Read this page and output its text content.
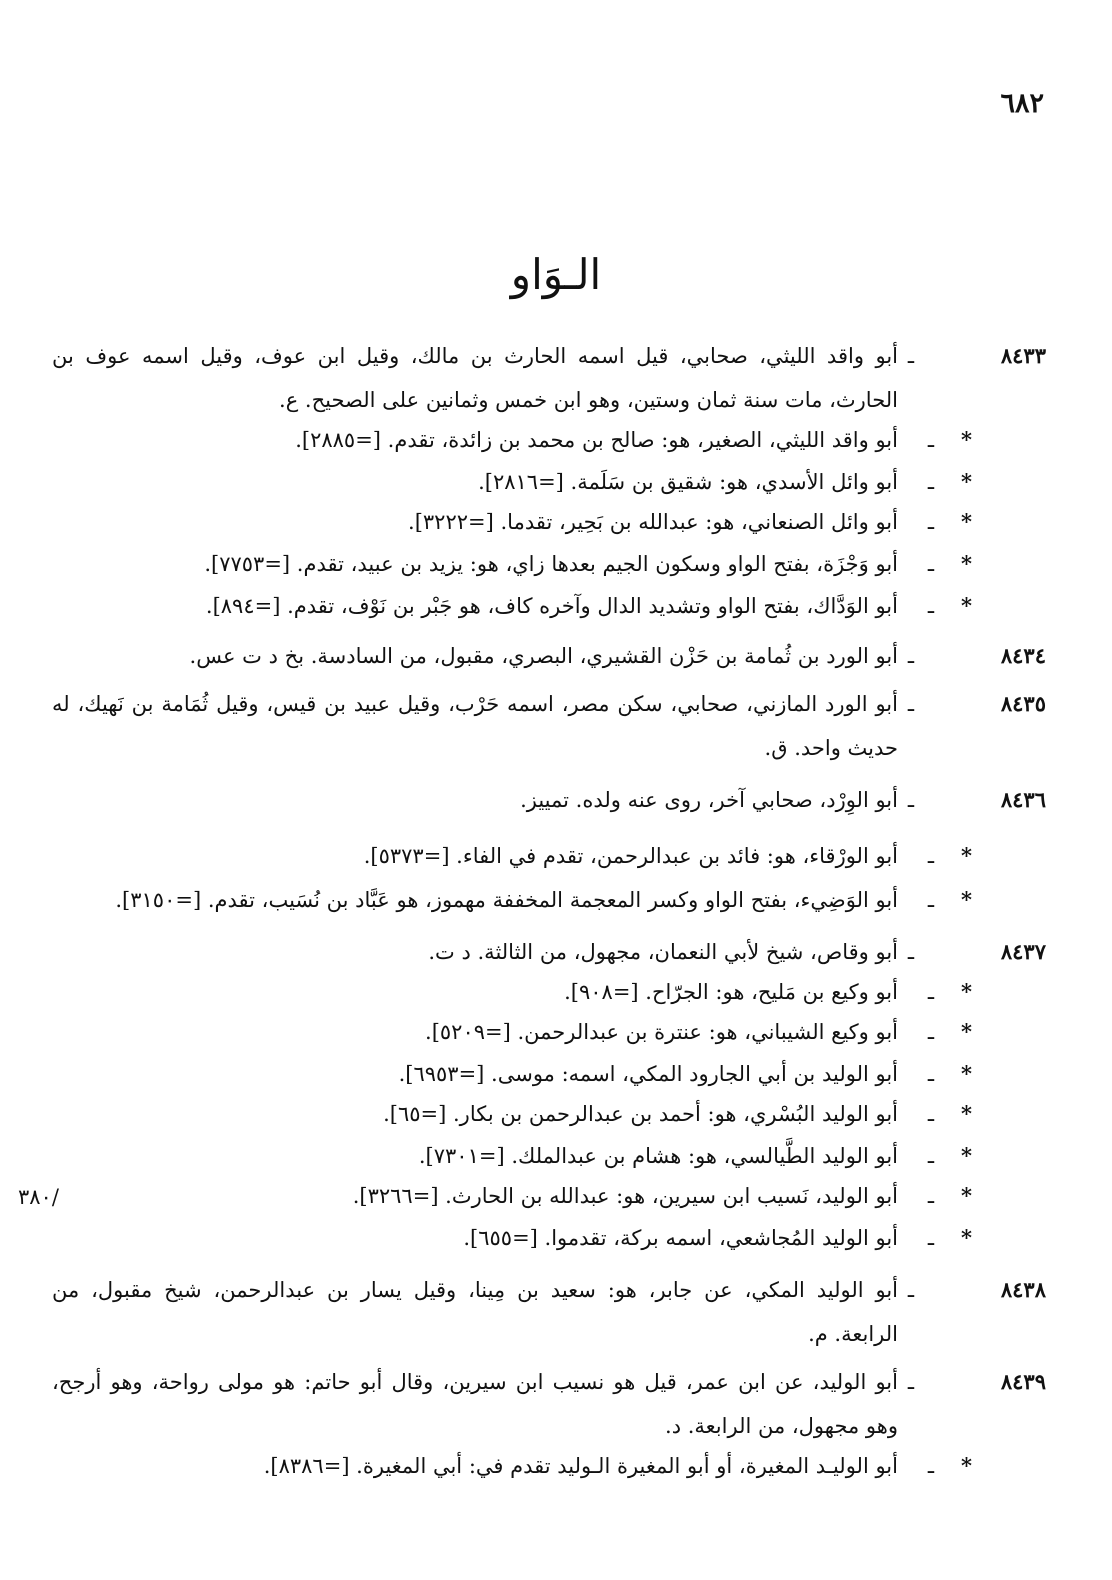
٦٨٢
الـوَاو
/٣٨٠
٨٤٣٣
ـ
أبو واقد الليثي، صحابي، قيل اسمه الحارث بن مالك، وقيل ابن عوف، وقيل اسمه عوف بن
الحارث، مات سنة ثمان وستين، وهو ابن خمس وثمانين على الصحيح. ع.
*
ـ
أبو واقد الليثي، الصغير، هو: صالح بن محمد بن زائدة، تقدم. [=٢٨٨٥].
*
ـ
أبو وائل الأسدي، هو: شقيق بن سَلَمة. [=٢٨١٦].
*
ـ
أبو وائل الصنعاني، هو: عبدالله بن بَحِير، تقدما. [=٣٢٢٢].
*
ـ
أبو وَجْزَة، بفتح الواو وسكون الجيم بعدها زاي، هو: يزيد بن عبيد، تقدم. [=٧٧٥٣].
*
ـ
أبو الوَدَّاك، بفتح الواو وتشديد الدال وآخره كاف، هو جَبْر بن نَوْف، تقدم. [=٨٩٤].
٨٤٣٤
ـ
أبو الورد بن ثُمامة بن حَزْن القشيري، البصري، مقبول، من السادسة. بخ د ت عس.
٨٤٣٥
ـ
أبو الورد المازني، صحابي، سكن مصر، اسمه حَرْب، وقيل عبيد بن قيس، وقيل ثُمَامة بن نَهيك، له
حديث واحد. ق.
٨٤٣٦
ـ
أبو الوِرْد، صحابي آخر، روى عنه ولده. تمييز.
*
ـ
أبو الورْقاء، هو: فائد بن عبدالرحمن، تقدم في الفاء. [=٥٣٧٣].
*
ـ
أبو الوَضِيء، بفتح الواو وكسر المعجمة المخففة مهموز، هو عَبَّاد بن نُسَيب، تقدم. [=٣١٥٠].
٨٤٣٧
ـ
أبو وقاص، شيخ لأبي النعمان، مجهول، من الثالثة. د ت.
*
ـ
أبو وكيع بن مَليح، هو: الجرّاح. [=٩٠٨].
*
ـ
أبو وكيع الشيباني، هو: عنترة بن عبدالرحمن. [=٥٢٠٩].
*
ـ
أبو الوليد بن أبي الجارود المكي، اسمه: موسى. [=٦٩٥٣].
*
ـ
أبو الوليد البُسْري، هو: أحمد بن عبدالرحمن بن بكار. [=٦٥].
*
ـ
أبو الوليد الطَّيالسي، هو: هشام بن عبدالملك. [=٧٣٠١].
*
ـ
أبو الوليد، نَسيب ابن سيرين، هو: عبدالله بن الحارث. [=٣٢٦٦].
*
ـ
أبو الوليد المُجاشعي، اسمه بركة، تقدموا. [=٦٥٥].
٨٤٣٨
ـ
أبو الوليد المكي، عن جابر، هو: سعيد بن مِينا، وقيل يسار بن عبدالرحمن، شيخ مقبول، من
الرابعة. م.
٨٤٣٩
ـ
أبو الوليد، عن ابن عمر، قيل هو نسيب ابن سيرين، وقال أبو حاتم: هو مولى رواحة، وهو أرجح،
وهو مجهول، من الرابعة. د.
*
ـ
أبو الوليـد المغيرة، أو أبو المغيرة الـوليد تقدم في: أبي المغيرة. [=٨٣٨٦].
